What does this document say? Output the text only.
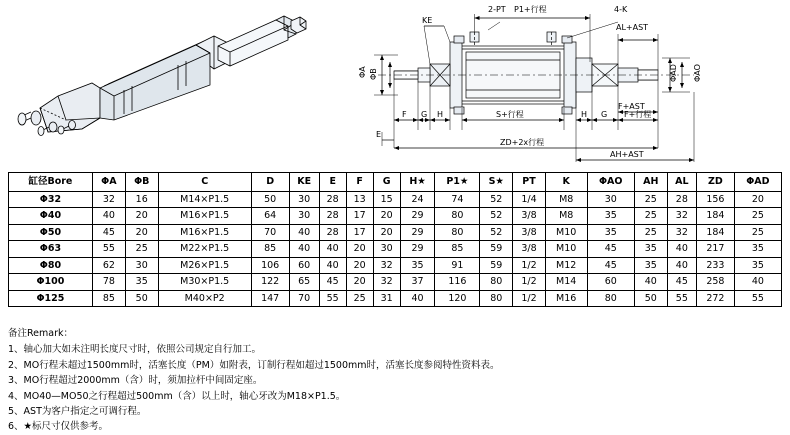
KE
2-PT P1+行程	4-K
AL+AST
ΦA ΦB	ΦAD ΦAO
F G H	S+行程	H G F+行程
F+AST
E
ZD+2x行程
AH+AST
缸径Bore	ΦA	ΦB	C	D	KE	E	F	G	H★	P1★	S★	PT	K	ΦAO	AH	AL	ZD	ΦAD
Φ32	32	16	M14×P1.5	50	30	28	13	15	24	74	52	1/4	M8	30	25	28	156	20
Φ40	40	20	M16×P1.5	64	30	28	17	20	29	80	52	3/8	M8	35	25	32	184	25
Φ50	45	20	M16×P1.5	70	40	28	17	20	29	80	52	3/8	M10	35	25	32	184	25
Φ63	55	25	M22×P1.5	85	40	40	20	30	29	85	59	3/8	M10	45	35	40	217	35
Φ80	62	30	M26×P1.5	106	60	40	20	32	35	91	59	1/2	M12	45	35	40	233	35
Φ100	78	35	M30×P1.5	122	65	45	20	32	37	116	80	1/2	M14	60	40	45	258	40
Φ125	85	50	M40×P2	147	70	55	25	31	40	120	80	1/2	M16	80	50	55	272	55
备注Remark：
1、轴心加大如未注明长度尺寸时，依照公司规定自行加工。
2、MO行程未超过1500mm时，活塞长度（PM）如附表，订制行程如超过1500mm时，活塞长度参阅特性资料表。
3、MO行程超过2000mm（含）时，须加拉杆中间固定座。
4、MO40—MO50之行程超过500mm（含）以上时，轴心牙改为M18×P1.5。
5、AST为客户指定之可调行程。
6、★标尺寸仅供参考。
